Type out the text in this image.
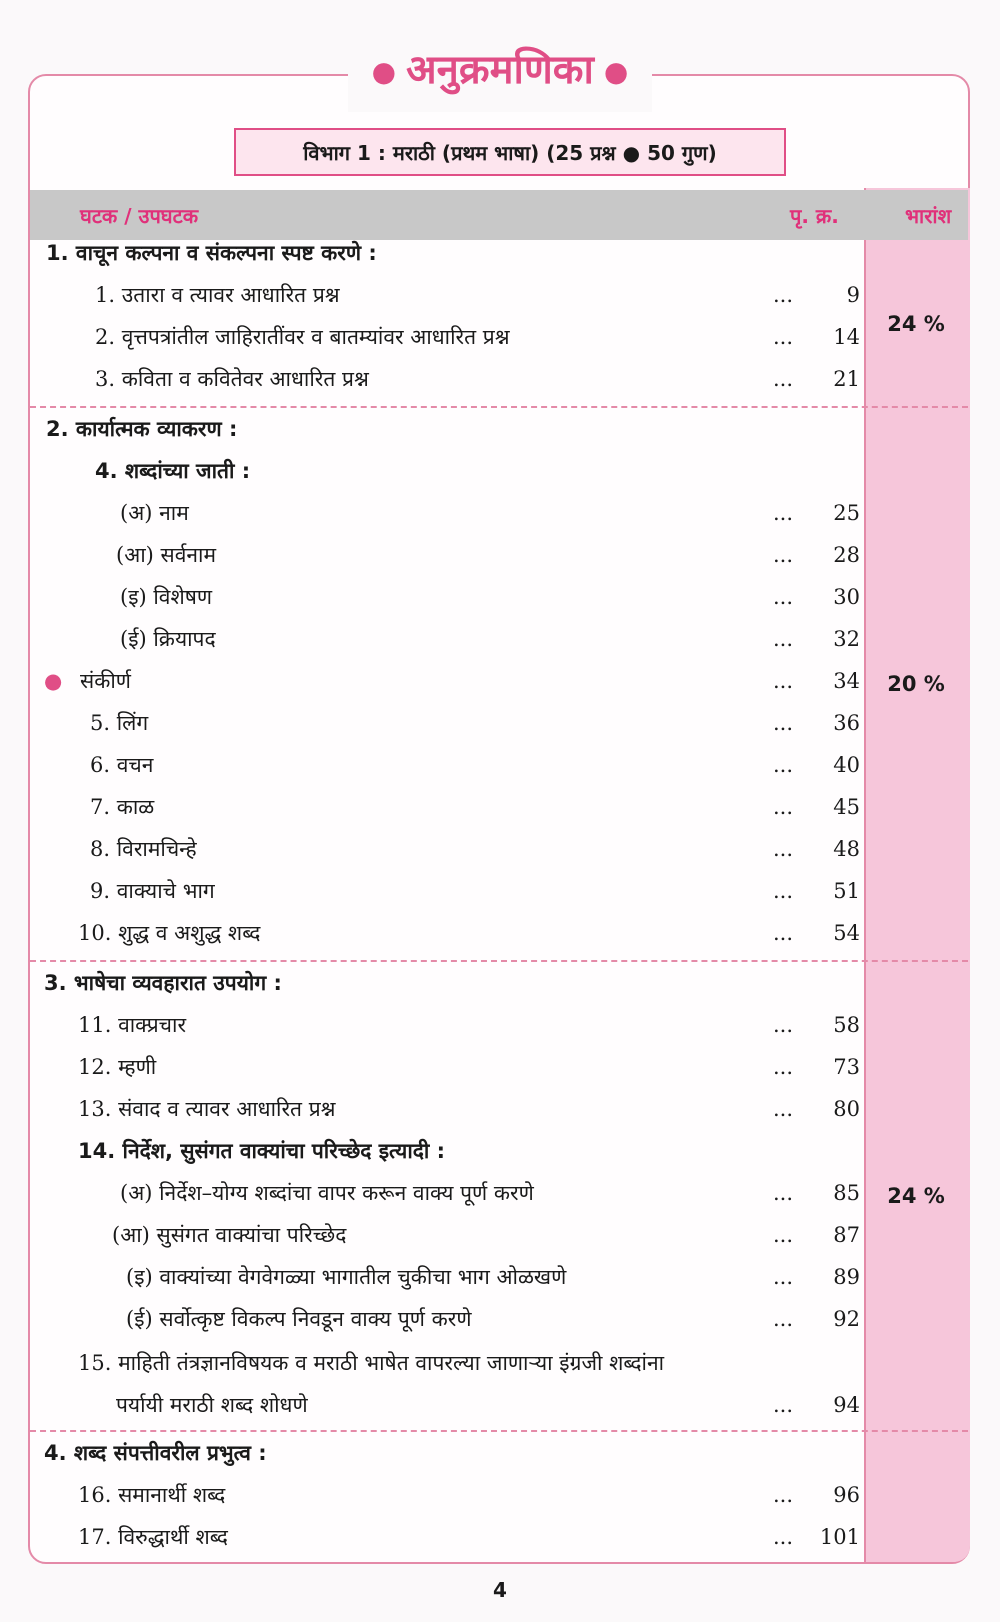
● अनुक्रमणिका ●
विभाग 1 : मराठी (प्रथम भाषा) (25 प्रश्न ● 50 गुण)
घटक / उपघटक	पृ. क्र.	भारांश
1. वाचून कल्पना व संकल्पना स्पष्ट करणे :
1. उतारा व त्यावर आधारित प्रश्न	...	9
2. वृत्तपत्रांतील जाहिरातींवर व बातम्यांवर आधारित प्रश्न	...	14
3. कविता व कवितेवर आधारित प्रश्न	...	21
24 %
2. कार्यात्मक व्याकरण :
4. शब्दांच्या जाती :
(अ) नाम	...	25
(आ) सर्वनाम	...	28
(इ) विशेषण	...	30
(ई) क्रियापद	...	32
● संकीर्ण	...	34	20 %
5. लिंग	...	36
6. वचन	...	40
7. काळ	...	45
8. विरामचिन्हे	...	48
9. वाक्याचे भाग	...	51
10. शुद्ध व अशुद्ध शब्द	...	54
3. भाषेचा व्यवहारात उपयोग :
11. वाक्प्रचार	...	58
12. म्हणी	...	73
13. संवाद व त्यावर आधारित प्रश्न	...	80
14. निर्देश, सुसंगत वाक्यांचा परिच्छेद इत्यादी :
(अ) निर्देश–योग्य शब्दांचा वापर करून वाक्य पूर्ण करणे	...	85	24 %
(आ) सुसंगत वाक्यांचा परिच्छेद	...	87
(इ) वाक्यांच्या वेगवेगळ्या भागातील चुकीचा भाग ओळखणे	...	89
(ई) सर्वोत्कृष्ट विकल्प निवडून वाक्य पूर्ण करणे	...	92
15. माहिती तंत्रज्ञानविषयक व मराठी भाषेत वापरल्या जाणाऱ्या इंग्रजी शब्दांना
पर्यायी मराठी शब्द शोधणे	...	94
4. शब्द संपत्तीवरील प्रभुत्व :
16. समानार्थी शब्द	...	96
17. विरुद्धार्थी शब्द	...	101
4
